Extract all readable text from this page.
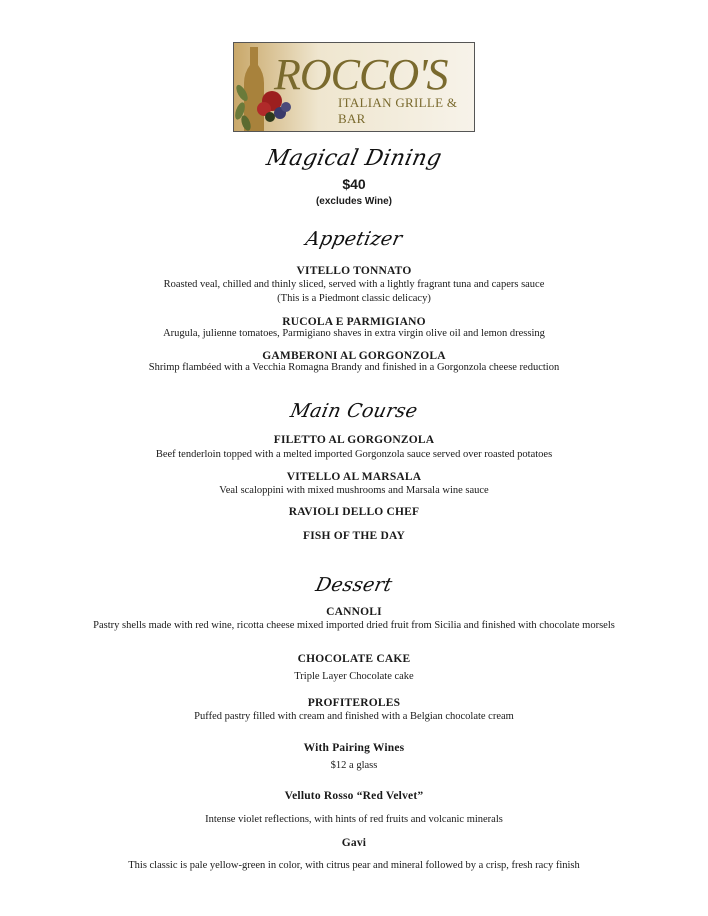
ROCCO'S
ITALIAN GRILLE & BAR
Magical Dining
$40
(excludes Wine)
Appetizer
VITELLO TONNATO
Roasted veal, chilled and thinly sliced, served with a lightly fragrant tuna and capers sauce
(This is a Piedmont classic delicacy)
RUCOLA E PARMIGIANO
Arugula, julienne tomatoes, Parmigiano shaves in extra virgin olive oil and lemon dressing
GAMBERONI AL GORGONZOLA
Shrimp flambéed with a Vecchia Romagna Brandy and finished in a Gorgonzola cheese reduction
Main Course
FILETTO AL GORGONZOLA
Beef tenderloin topped with a melted imported Gorgonzola sauce served over roasted potatoes
VITELLO AL MARSALA
Veal scaloppini with mixed mushrooms and Marsala wine sauce
RAVIOLI DELLO CHEF
FISH OF THE DAY
Dessert
CANNOLI
Pastry shells made with red wine, ricotta cheese mixed imported dried fruit from Sicilia and finished with chocolate morsels
CHOCOLATE CAKE
Triple Layer Chocolate cake
PROFITEROLES
Puffed pastry filled with cream and finished with a Belgian chocolate cream
With Pairing Wines
$12 a glass
Velluto Rosso “Red Velvet”
Intense violet reflections, with hints of red fruits and volcanic minerals
Gavi
This classic is pale yellow-green in color, with citrus pear and mineral followed by a crisp, fresh racy finish
